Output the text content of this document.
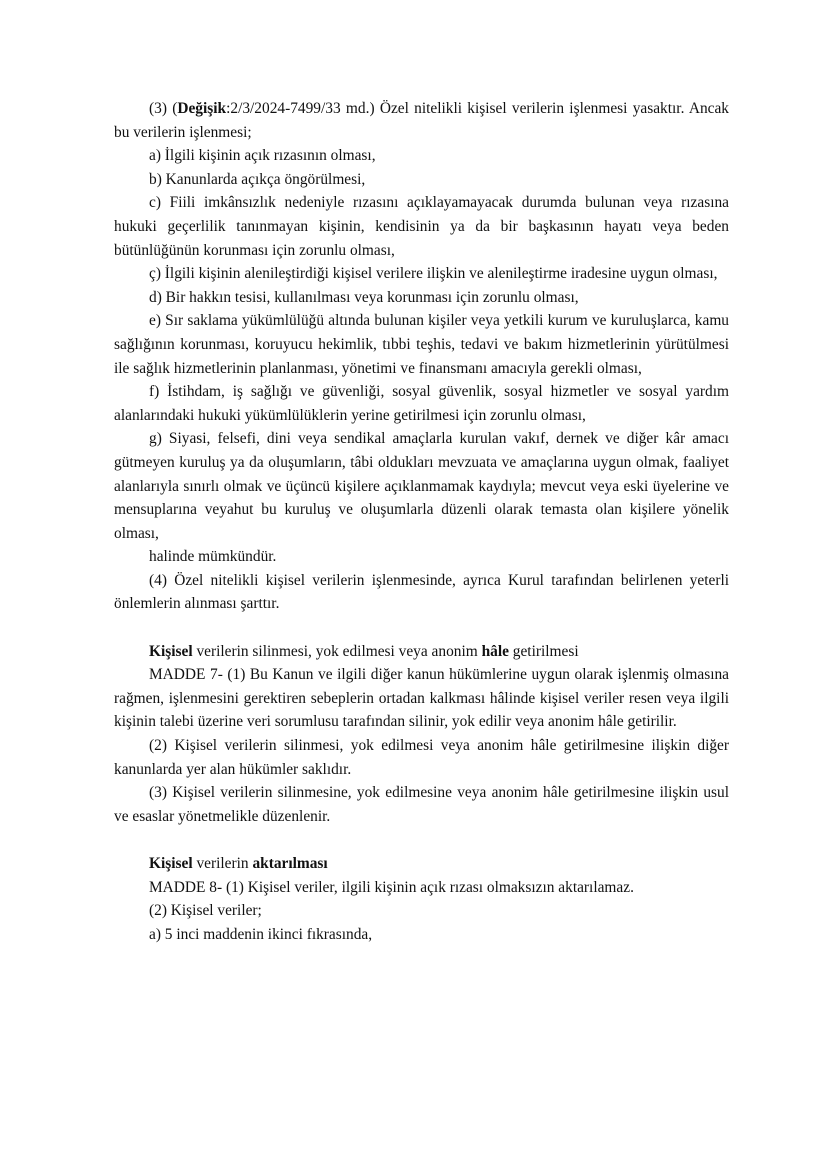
(3) (Değişik:2/3/2024-7499/33 md.) Özel nitelikli kişisel verilerin işlenmesi yasaktır. Ancak bu verilerin işlenmesi;

a) İlgili kişinin açık rızasının olması,

b) Kanunlarda açıkça öngörülmesi,

c) Fiili imkânsızlık nedeniyle rızasını açıklayamayacak durumda bulunan veya rızasına hukuki geçerlilik tanınmayan kişinin, kendisinin ya da bir başkasının hayatı veya beden bütünlüğünün korunması için zorunlu olması,

ç) İlgili kişinin alenileştirdiği kişisel verilere ilişkin ve alenileştirme iradesine uygun olması,

d) Bir hakkın tesisi, kullanılması veya korunması için zorunlu olması,

e) Sır saklama yükümlülüğü altında bulunan kişiler veya yetkili kurum ve kuruluşlarca, kamu sağlığının korunması, koruyucu hekimlik, tıbbi teşhis, tedavi ve bakım hizmetlerinin yürütülmesi ile sağlık hizmetlerinin planlanması, yönetimi ve finansmanı amacıyla gerekli olması,

f) İstihdam, iş sağlığı ve güvenliği, sosyal güvenlik, sosyal hizmetler ve sosyal yardım alanlarındaki hukuki yükümlülüklerin yerine getirilmesi için zorunlu olması,

g) Siyasi, felsefi, dini veya sendikal amaçlarla kurulan vakıf, dernek ve diğer kâr amacı gütmeyen kuruluş ya da oluşumların, tâbi oldukları mevzuata ve amaçlarına uygun olmak, faaliyet alanlarıyla sınırlı olmak ve üçüncü kişilere açıklanmamak kaydıyla; mevcut veya eski üyelerine ve mensuplarına veyahut bu kuruluş ve oluşumlarla düzenli olarak temasta olan kişilere yönelik olması,

halinde mümkündür.

(4) Özel nitelikli kişisel verilerin işlenmesinde, ayrıca Kurul tarafından belirlenen yeterli önlemlerin alınması şarttır.

Kişisel verilerin silinmesi, yok edilmesi veya anonim hâle getirilmesi

MADDE 7- (1) Bu Kanun ve ilgili diğer kanun hükümlerine uygun olarak işlenmiş olmasına rağmen, işlenmesini gerektiren sebeplerin ortadan kalkması hâlinde kişisel veriler resen veya ilgili kişinin talebi üzerine veri sorumlusu tarafından silinir, yok edilir veya anonim hâle getirilir.

(2) Kişisel verilerin silinmesi, yok edilmesi veya anonim hâle getirilmesine ilişkin diğer kanunlarda yer alan hükümler saklıdır.

(3) Kişisel verilerin silinmesine, yok edilmesine veya anonim hâle getirilmesine ilişkin usul ve esaslar yönetmelikle düzenlenir.

Kişisel verilerin aktarılması

MADDE 8- (1) Kişisel veriler, ilgili kişinin açık rızası olmaksızın aktarılamaz.

(2) Kişisel veriler;

a) 5 inci maddenin ikinci fıkrasında,
